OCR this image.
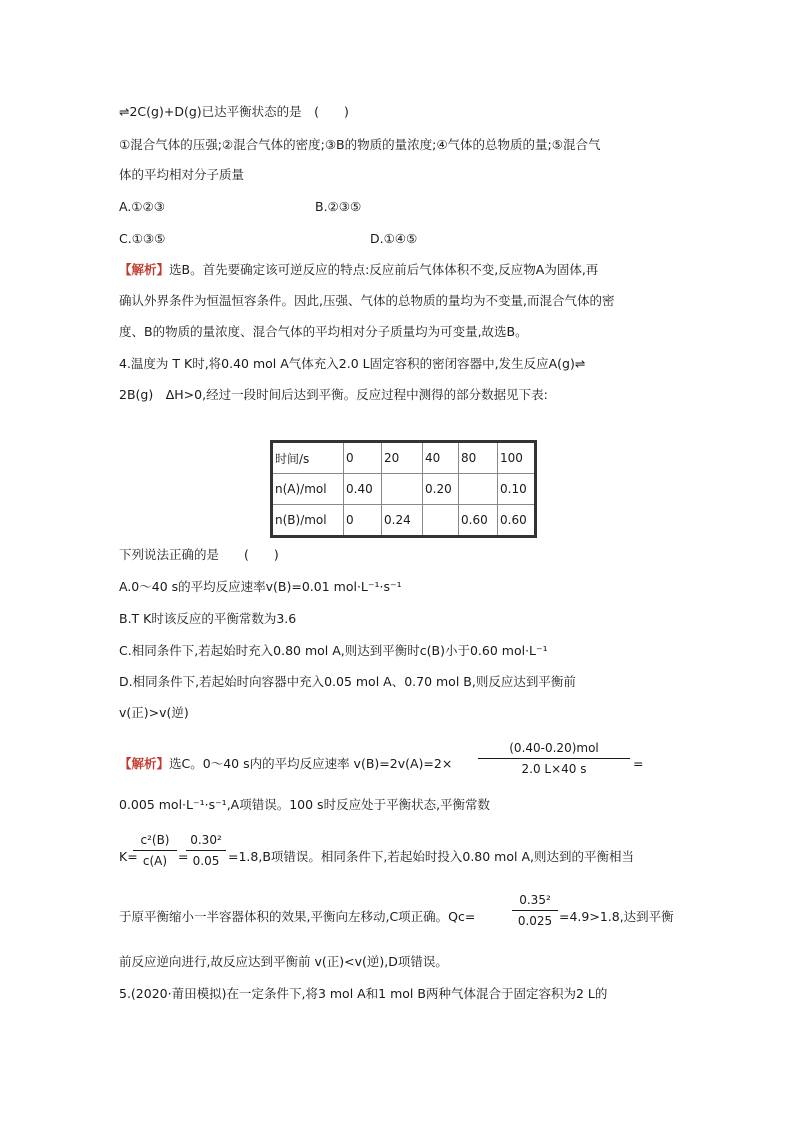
⇌2C(g)+D(g)已达平衡状态的是　(　　)
①混合气体的压强;②混合气体的密度;③B的物质的量浓度;④气体的总物质的量;⑤混合气
体的平均相对分子质量
A.①②③	B.②③⑤
C.①③⑤	D.①④⑤
【解析】选B。首先要确定该可逆反应的特点:反应前后气体体积不变,反应物A为固体,再
确认外界条件为恒温恒容条件。因此,压强、气体的总物质的量均为不变量,而混合气体的密
度、B的物质的量浓度、混合气体的平均相对分子质量均为可变量,故选B。
4.温度为 T K时,将0.40 mol A气体充入2.0 L固定容积的密闭容器中,发生反应A(g)⇌
2B(g)　ΔH>0,经过一段时间后达到平衡。反应过程中测得的部分数据见下表:
时间/s	0	20	40	80	100
n(A)/mol	0.40		0.20		0.10
n(B)/mol	0	0.24		0.60	0.60
下列说法正确的是　　(　　)
A.0～40 s的平均反应速率v(B)=0.01 mol·L⁻¹·s⁻¹
B.T K时该反应的平衡常数为3.6
C.相同条件下,若起始时充入0.80 mol A,则达到平衡时c(B)小于0.60 mol·L⁻¹
D.相同条件下,若起始时向容器中充入0.05 mol A、0.70 mol B,则反应达到平衡前
v(正)>v(逆)
【解析】选C。0～40 s内的平均反应速率 v(B)=2v(A)=2×
(0.40-0.20)mol
2.0 L×40 s	=
0.005 mol·L⁻¹·s⁻¹,A项错误。100 s时反应处于平衡状态,平衡常数
K=
c²(B)
c(A) =
0.30²
0.05 =1.8,B项错误。相同条件下,若起始时投入0.80 mol A,则达到的平衡相当
于原平衡缩小一半容器体积的效果,平衡向左移动,C项正确。Qc=
0.35²
0.025 =4.9>1.8,达到平衡
前反应逆向进行,故反应达到平衡前 v(正)<v(逆),D项错误。
5.(2020·莆田模拟)在一定条件下,将3 mol A和1 mol B两种气体混合于固定容积为2 L的
